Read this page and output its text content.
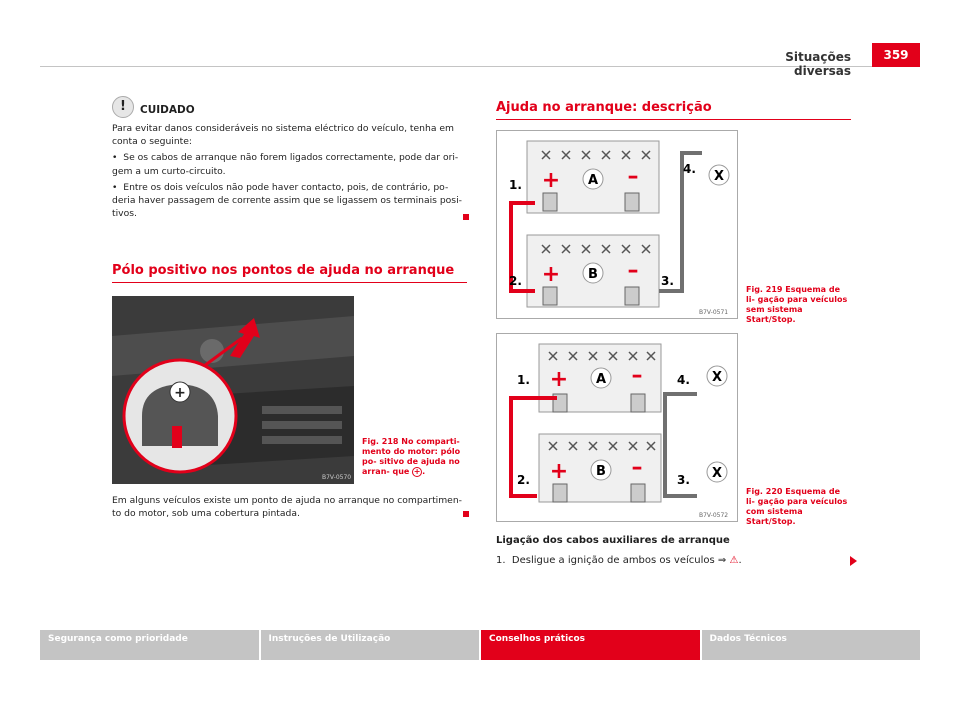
Situações diversas
359
!	CUIDADO

Para evitar danos consideráveis no sistema eléctrico do veículo, tenha em conta o seguinte:

•  Se os cabos de arranque não forem ligados correctamente, pode dar ori- gem a um curto-circuito.

•  Entre os dois veículos não pode haver contacto, pois, de contrário, po- deria haver passagem de corrente assim que se ligassem os terminais posi- tivos.

Pólo positivo nos pontos de ajuda no arranque
+
B7V-0570
Fig. 218 No comparti- mento do motor: pólo po- sitivo de ajuda no arran- que + .
Em alguns veículos existe um ponto de ajuda no arranque no compartimen- to do motor, sob uma cobertura pintada.
Ajuda no arranque: descrição
+	–
A
+	–
B
1.
2.	3.
4. X
B7V-0571
Fig. 219 Esquema de li- gação para veículos sem sistema Start/Stop.
+	–
A
+	–
B
1.
2.	3.
4. X
X
B7V-0572
Fig. 220 Esquema de li- gação para veículos com sistema Start/Stop.
Ligação dos cabos auxiliares de arranque
1. Desligue a ignição de ambos os veículos ⇒ ⚠.
Segurança como prioridade	Instruções de Utilização	Conselhos práticos	Dados Técnicos
